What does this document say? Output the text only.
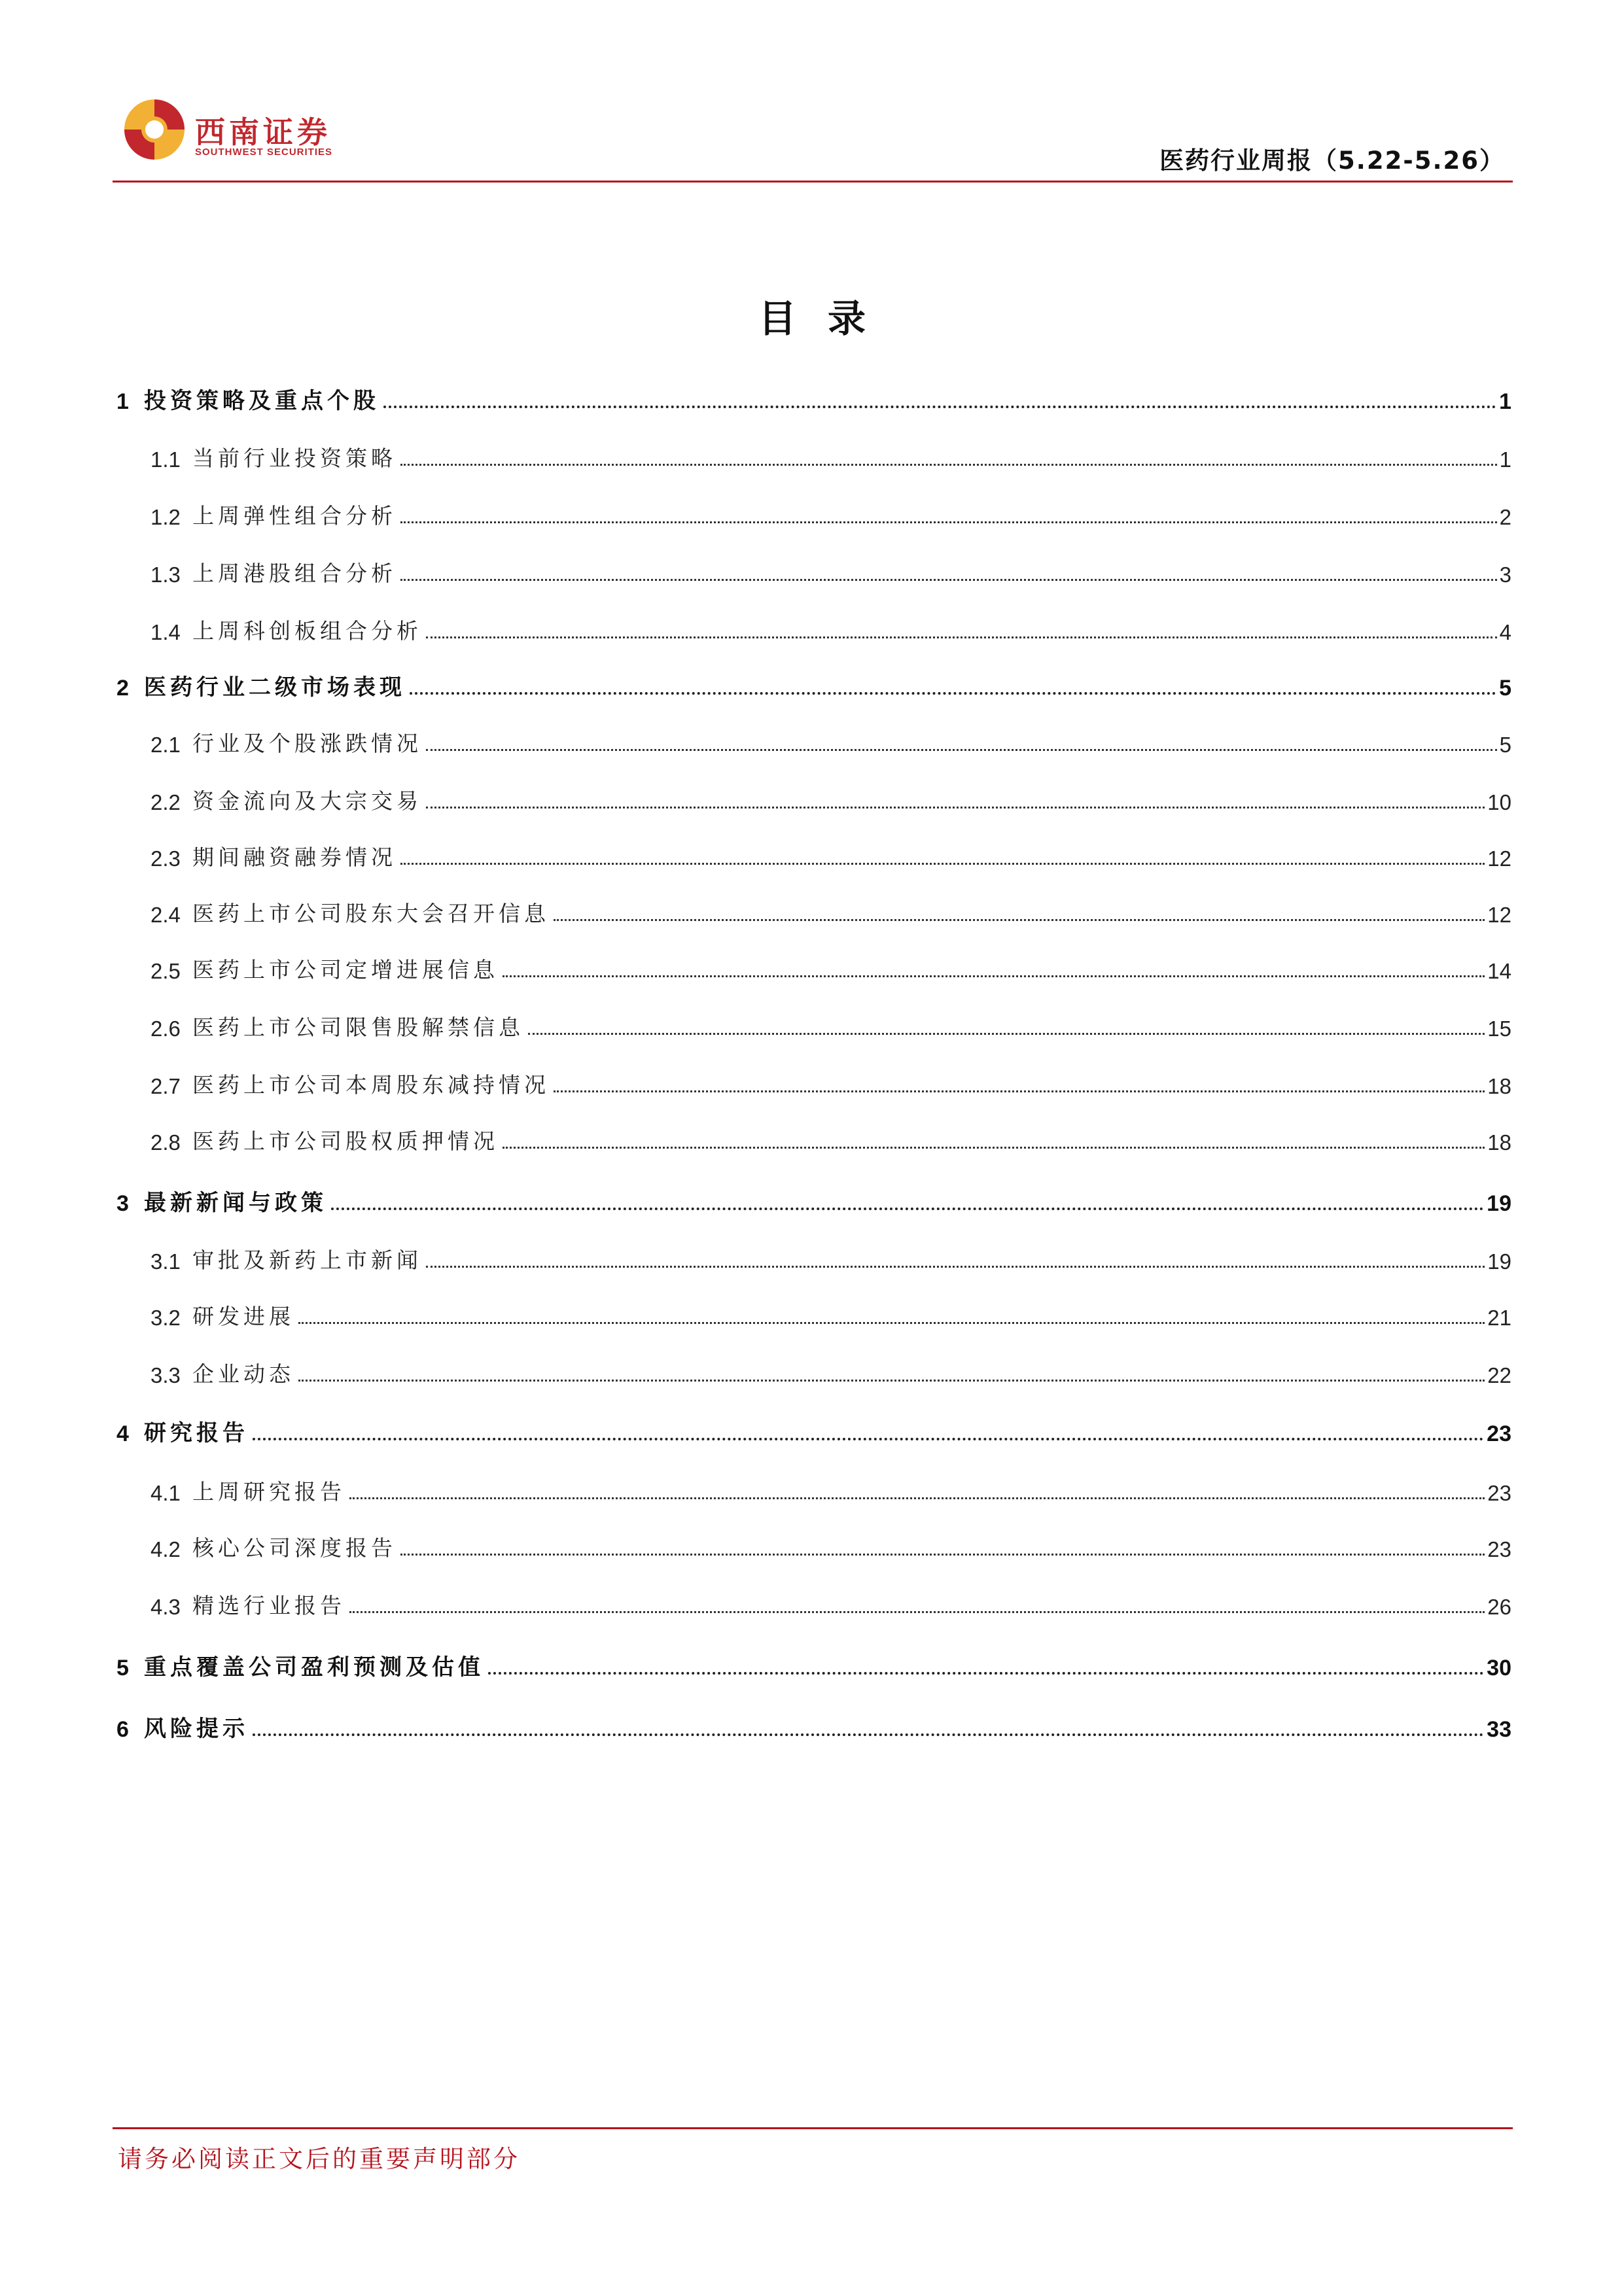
西南证券
SOUTHWEST SECURITIES	医药行业周报（5.22-5.26）
目录
1 投资策略及重点个股	1
1.1 当前行业投资策略	1
1.2 上周弹性组合分析	2
1.3 上周港股组合分析	3
1.4 上周科创板组合分析	4
2 医药行业二级市场表现	5
2.1 行业及个股涨跌情况	5
2.2 资金流向及大宗交易	10
2.3 期间融资融券情况	12
2.4 医药上市公司股东大会召开信息	12
2.5 医药上市公司定增进展信息	14
2.6 医药上市公司限售股解禁信息	15
2.7 医药上市公司本周股东减持情况	18
2.8 医药上市公司股权质押情况	18
3 最新新闻与政策	19
3.1 审批及新药上市新闻	19
3.2 研发进展	21
3.3 企业动态	22
4 研究报告	23
4.1 上周研究报告	23
4.2 核心公司深度报告	23
4.3 精选行业报告	26
5 重点覆盖公司盈利预测及估值	30
6 风险提示	33
请务必阅读正文后的重要声明部分
